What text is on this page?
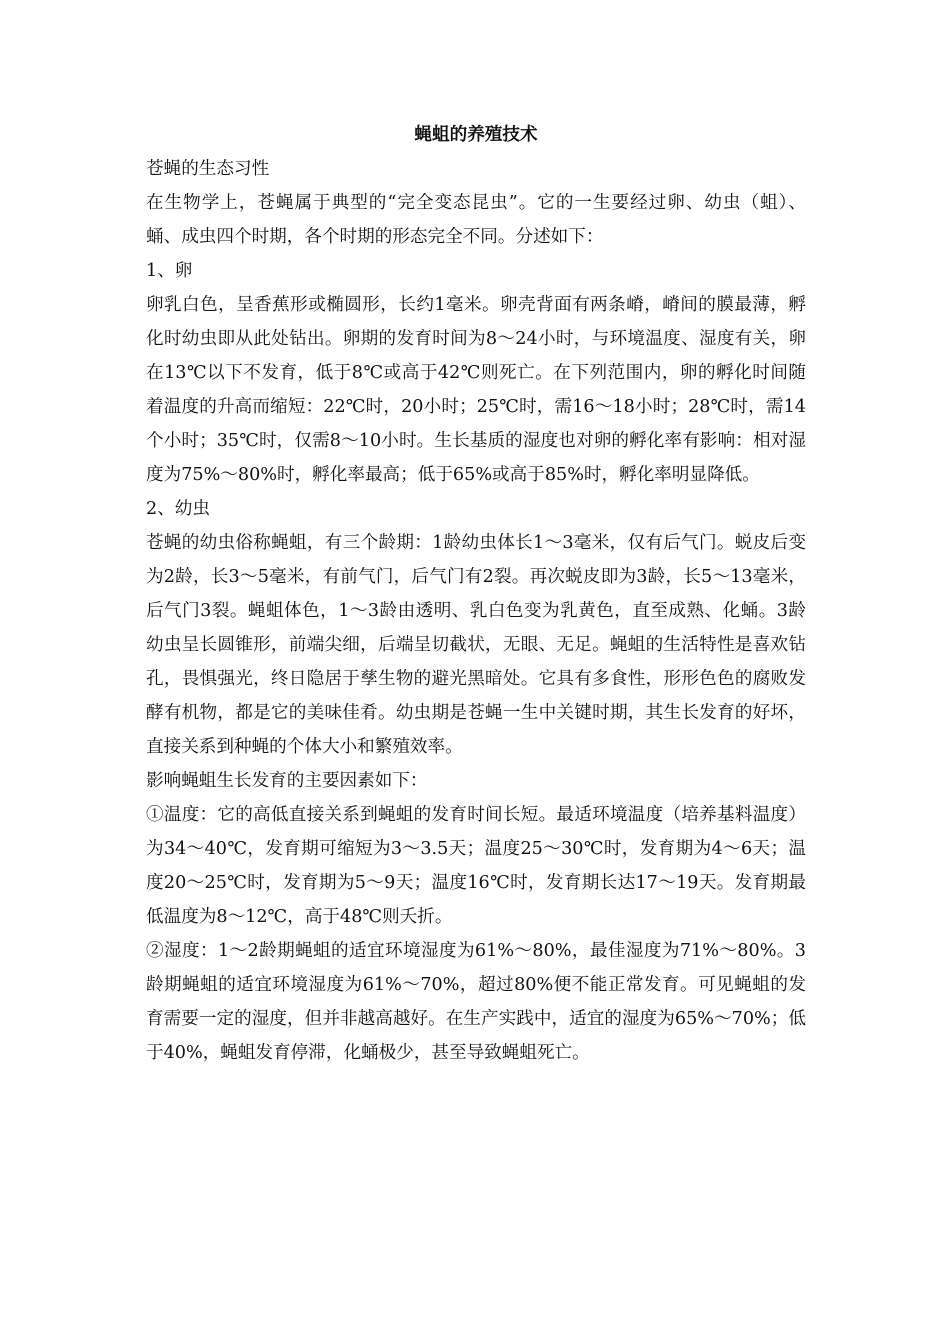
蝇蛆的养殖技术

苍蝇的生态习性

在生物学上，苍蝇属于典型的“完全变态昆虫”。它的一生要经过卵、幼虫（蛆）、蛹、成虫四个时期，各个时期的形态完全不同。分述如下：

1、卵

卵乳白色，呈香蕉形或椭圆形，长约1毫米。卵壳背面有两条嵴，嵴间的膜最薄，孵化时幼虫即从此处钻出。卵期的发育时间为8～24小时，与环境温度、湿度有关，卵在13℃以下不发育，低于8℃或高于42℃则死亡。在下列范围内，卵的孵化时间随着温度的升高而缩短：22℃时，20小时；25℃时，需16～18小时；28℃时，需14个小时；35℃时，仅需8～10小时。生长基质的湿度也对卵的孵化率有影响：相对湿度为75%～80%时，孵化率最高；低于65%或高于85%时，孵化率明显降低。

2、幼虫

苍蝇的幼虫俗称蝇蛆，有三个龄期：1龄幼虫体长1～3毫米，仅有后气门。蜕皮后变为2龄，长3～5毫米，有前气门，后气门有2裂。再次蜕皮即为3龄，长5～13毫米，后气门3裂。蝇蛆体色，1～3龄由透明、乳白色变为乳黄色，直至成熟、化蛹。3龄幼虫呈长圆锥形，前端尖细，后端呈切截状，无眼、无足。蝇蛆的生活特性是喜欢钻孔，畏惧强光，终日隐居于孳生物的避光黑暗处。它具有多食性，形形色色的腐败发酵有机物，都是它的美味佳肴。幼虫期是苍蝇一生中关键时期，其生长发育的好坏，直接关系到种蝇的个体大小和繁殖效率。

影响蝇蛆生长发育的主要因素如下：

①温度：它的高低直接关系到蝇蛆的发育时间长短。最适环境温度（培养基料温度）为34～40℃，发育期可缩短为3～3.5天；温度25～30℃时，发育期为4～6天；温度20～25℃时，发育期为5～9天；温度16℃时，发育期长达17～19天。发育期最低温度为8～12℃，高于48℃则夭折。

②湿度：1～2龄期蝇蛆的适宜环境湿度为61%～80%，最佳湿度为71%～80%。3龄期蝇蛆的适宜环境湿度为61%～70%，超过80%便不能正常发育。可见蝇蛆的发育需要一定的湿度，但并非越高越好。在生产实践中，适宜的湿度为65%～70%；低于40%，蝇蛆发育停滞，化蛹极少，甚至导致蝇蛆死亡。
